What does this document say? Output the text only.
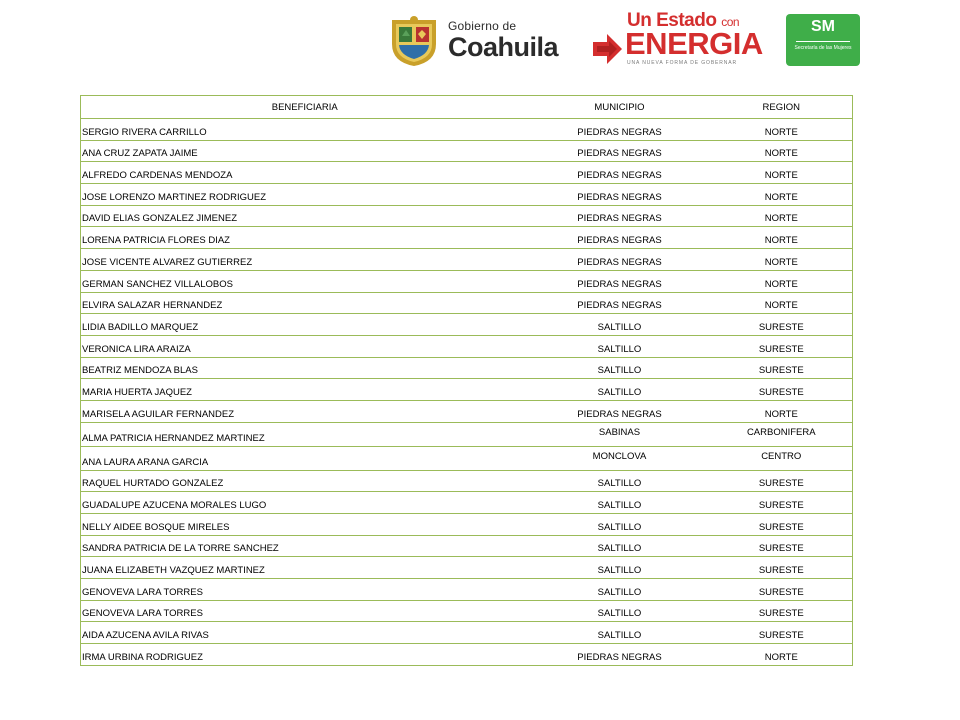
Gobierno de
Coahuila
Un Estado con
ENERGIA
UNA NUEVA FORMA DE GOBERNAR
SM
Secretaría de las Mujeres
BENEFICIARIA	MUNICIPIO	REGION
SERGIO RIVERA CARRILLO	PIEDRAS NEGRAS	NORTE
ANA CRUZ ZAPATA JAIME	PIEDRAS NEGRAS	NORTE
ALFREDO CARDENAS MENDOZA	PIEDRAS NEGRAS	NORTE
JOSE LORENZO MARTINEZ RODRIGUEZ	PIEDRAS NEGRAS	NORTE
DAVID ELIAS GONZALEZ JIMENEZ	PIEDRAS NEGRAS	NORTE
LORENA PATRICIA FLORES DIAZ	PIEDRAS NEGRAS	NORTE
JOSE VICENTE ALVAREZ GUTIERREZ	PIEDRAS NEGRAS	NORTE
GERMAN SANCHEZ VILLALOBOS	PIEDRAS NEGRAS	NORTE
ELVIRA SALAZAR HERNANDEZ	PIEDRAS NEGRAS	NORTE
LIDIA BADILLO MARQUEZ	SALTILLO	SURESTE
VERONICA LIRA ARAIZA	SALTILLO	SURESTE
BEATRIZ MENDOZA BLAS	SALTILLO	SURESTE
MARIA HUERTA JAQUEZ	SALTILLO	SURESTE
MARISELA AGUILAR FERNANDEZ	PIEDRAS NEGRAS	NORTE
ALMA PATRICIA HERNANDEZ MARTINEZ	SABINAS	CARBONIFERA
ANA LAURA ARANA GARCIA	MONCLOVA	CENTRO
RAQUEL HURTADO GONZALEZ	SALTILLO	SURESTE
GUADALUPE AZUCENA MORALES LUGO	SALTILLO	SURESTE
NELLY AIDEE BOSQUE MIRELES	SALTILLO	SURESTE
SANDRA PATRICIA DE LA TORRE SANCHEZ	SALTILLO	SURESTE
JUANA ELIZABETH VAZQUEZ MARTINEZ	SALTILLO	SURESTE
GENOVEVA LARA TORRES	SALTILLO	SURESTE
GENOVEVA LARA TORRES	SALTILLO	SURESTE
AIDA AZUCENA AVILA RIVAS	SALTILLO	SURESTE
IRMA URBINA RODRIGUEZ	PIEDRAS NEGRAS	NORTE
